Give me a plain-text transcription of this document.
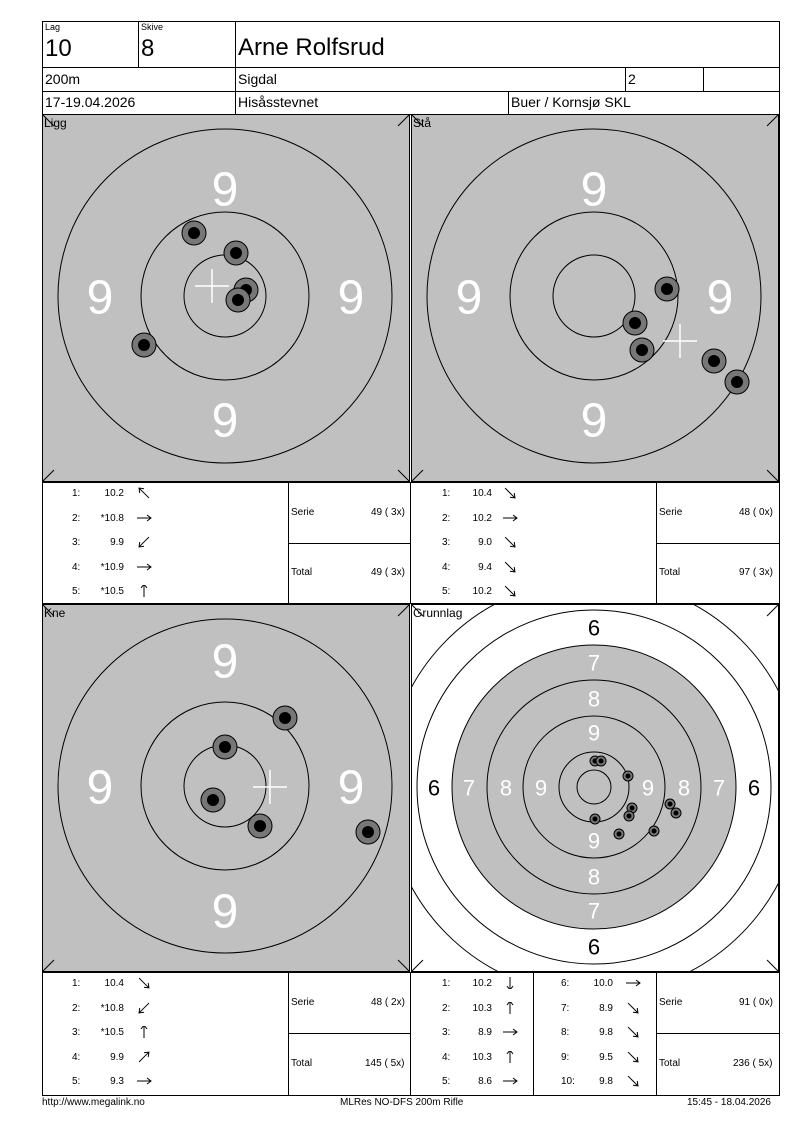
Lag
10
Skive
8	Arne Rolfsrud
200m	Sigdal	2
17-19.04.2026	Hisåsstevnet	Buer / Kornsjø SKL
9
9
9	9
Ligg
9
9
9	9
Stå
1:	10.2
2:	*10.8
3:	9.9
4:	*10.9
5:	*10.5
1:	10.4
2:	10.2
3:	9.0
4:	9.4
5:	10.2
Serie	49 ( 3x)
Total	49 ( 3x)
Serie	48 ( 0x)
Total	97 ( 3x)
9
9
9	9
Kne
6
6
6	6
7
7
7	7
8
8
8	8
9
9
9	9
Grunnlag
1:	10.4
2:	*10.8
3:	*10.5
4:	9.9
5:	9.3
1:	10.2
2:	10.3
3:	8.9
4:	10.3
5:	8.6
6:	10.0
7:	8.9
8:	9.8
9:	9.5
10:	9.8
Serie	48 ( 2x)
Total	145 ( 5x)
Serie	91 ( 0x)
Total	236 ( 5x)
http://www.megalink.no	MLRes NO-DFS 200m Rifle	15:45 - 18.04.2026
